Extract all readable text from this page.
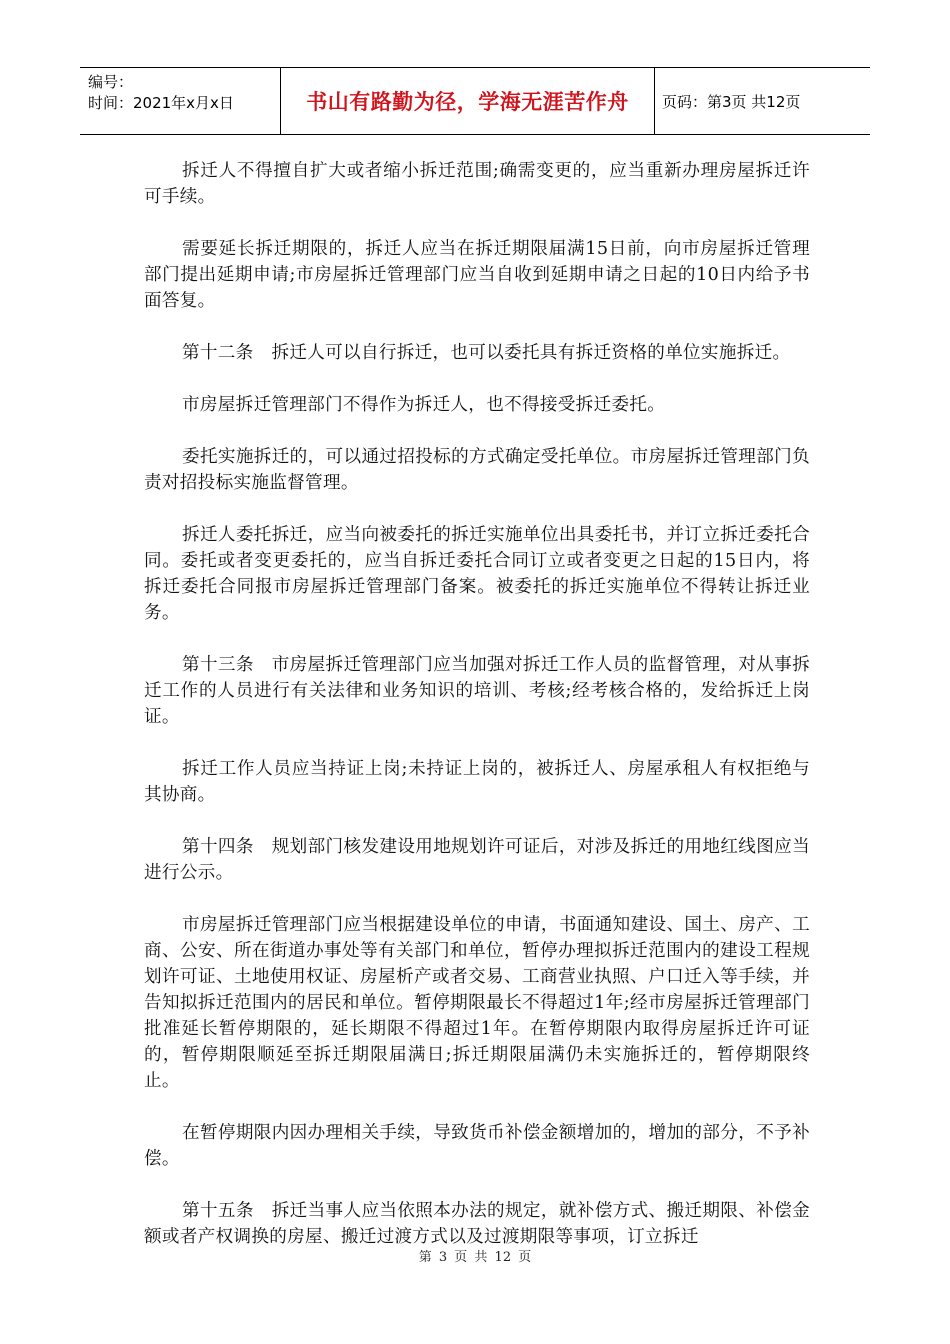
编号：
时间：2021年x月x日	书山有路勤为径，学海无涯苦作舟	页码：第3页 共12页

拆迁人不得擅自扩大或者缩小拆迁范围;确需变更的，应当重新办理房屋拆迁许可手续。

需要延长拆迁期限的，拆迁人应当在拆迁期限届满15日前，向市房屋拆迁管理部门提出延期申请;市房屋拆迁管理部门应当自收到延期申请之日起的10日内给予书面答复。

第十二条　拆迁人可以自行拆迁，也可以委托具有拆迁资格的单位实施拆迁。

市房屋拆迁管理部门不得作为拆迁人，也不得接受拆迁委托。

委托实施拆迁的，可以通过招投标的方式确定受托单位。市房屋拆迁管理部门负责对招投标实施监督管理。

拆迁人委托拆迁，应当向被委托的拆迁实施单位出具委托书，并订立拆迁委托合同。委托或者变更委托的，应当自拆迁委托合同订立或者变更之日起的15日内，将拆迁委托合同报市房屋拆迁管理部门备案。被委托的拆迁实施单位不得转让拆迁业务。

第十三条　市房屋拆迁管理部门应当加强对拆迁工作人员的监督管理，对从事拆迁工作的人员进行有关法律和业务知识的培训、考核;经考核合格的，发给拆迁上岗证。

拆迁工作人员应当持证上岗;未持证上岗的，被拆迁人、房屋承租人有权拒绝与其协商。

第十四条　规划部门核发建设用地规划许可证后，对涉及拆迁的用地红线图应当进行公示。

市房屋拆迁管理部门应当根据建设单位的申请，书面通知建设、国土、房产、工商、公安、所在街道办事处等有关部门和单位，暂停办理拟拆迁范围内的建设工程规划许可证、土地使用权证、房屋析产或者交易、工商营业执照、户口迁入等手续，并告知拟拆迁范围内的居民和单位。暂停期限最长不得超过1年;经市房屋拆迁管理部门批准延长暂停期限的，延长期限不得超过1年。在暂停期限内取得房屋拆迁许可证的，暂停期限顺延至拆迁期限届满日;拆迁期限届满仍未实施拆迁的，暂停期限终止。

在暂停期限内因办理相关手续，导致货币补偿金额增加的，增加的部分，不予补偿。

第十五条　拆迁当事人应当依照本办法的规定，就补偿方式、搬迁期限、补偿金额或者产权调换的房屋、搬迁过渡方式以及过渡期限等事项，订立拆迁

第 3 页 共 12 页
